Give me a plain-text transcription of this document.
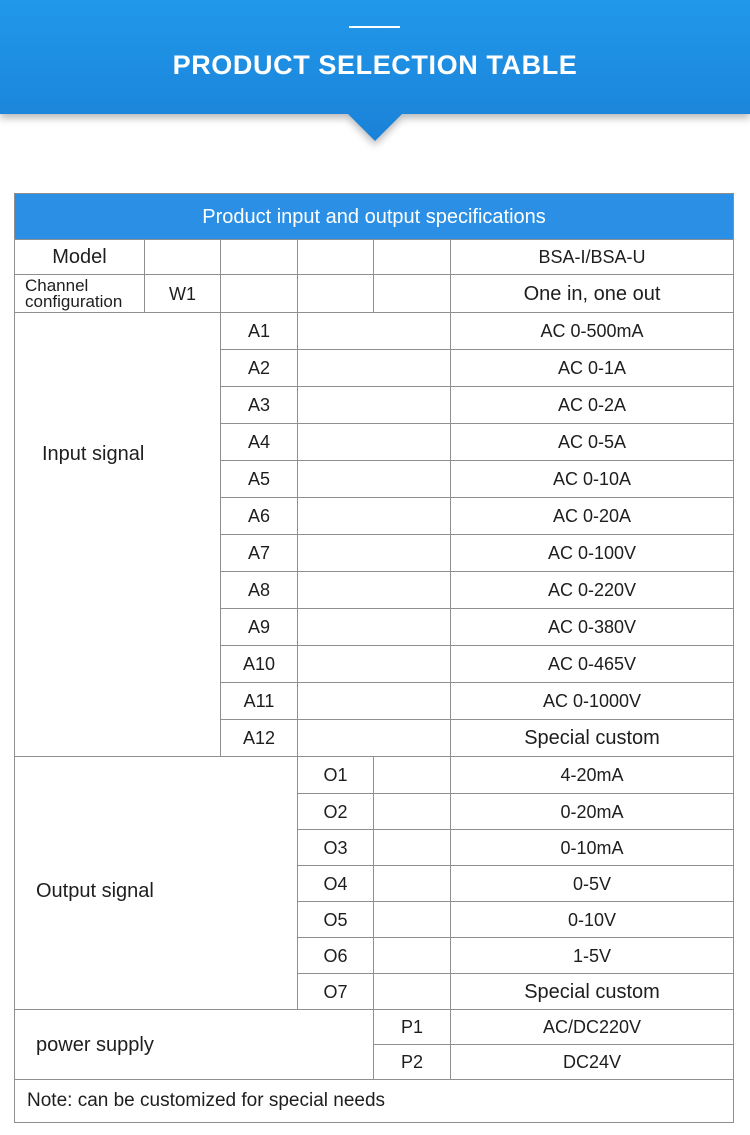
PRODUCT SELECTION TABLE
Product input and output specifications					
Model					BSA-I/BSA-U
Channel configuration	W1				One in, one out
Input signal		A1			AC 0-500mA
		A2			AC 0-1A
		A3			AC 0-2A
		A4			AC 0-5A
		A5			AC 0-10A
		A6			AC 0-20A
		A7			AC 0-100V
		A8			AC 0-220V
		A9			AC 0-380V
		A10			AC 0-465V
		A11			AC 0-1000V
		A12			Special custom
Output signal			O1		4-20mA
			O2		0-20mA
			O3		0-10mA
			O4		0-5V
			O5		0-10V
			O6		1-5V
			O7		Special custom
power supply				P1	AC/DC220V
				P2	DC24V
Note: can be customized for special needs					
